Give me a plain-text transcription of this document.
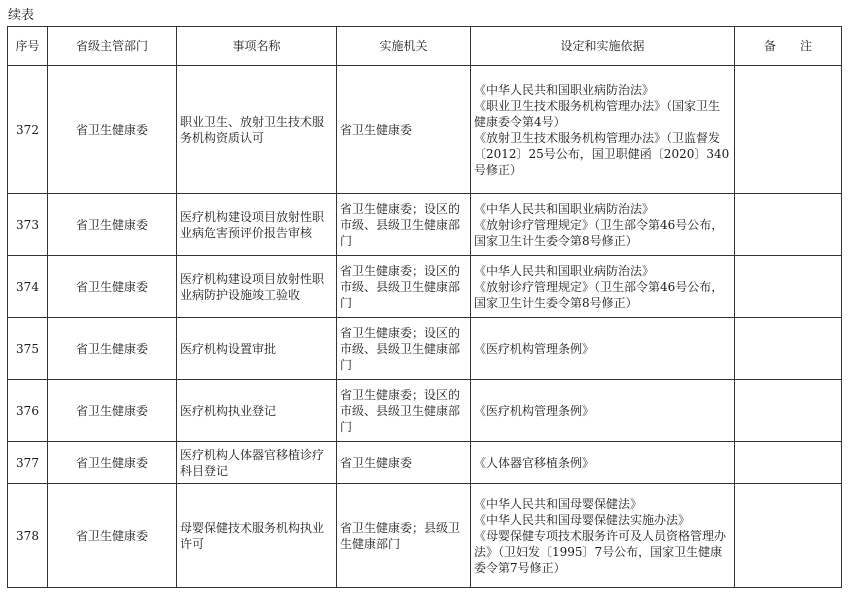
续表
序号	省级主管部门	事项名称	实施机关	设定和实施依据	备　　注
372	省卫生健康委	职业卫生、放射卫生技术服务机构资质认可	省卫生健康委	《中华人民共和国职业病防治法》
《职业卫生技术服务机构管理办法》（国家卫生健康委令第4号）
《放射卫生技术服务机构管理办法》（卫监督发〔2012〕25号公布，国卫职健函〔2020〕340号修正）	

373	省卫生健康委	医疗机构建设项目放射性职业病危害预评价报告审核	省卫生健康委；设区的市级、县级卫生健康部门	《中华人民共和国职业病防治法》
《放射诊疗管理规定》（卫生部令第46号公布，国家卫生计生委令第8号修正）	

374	省卫生健康委	医疗机构建设项目放射性职业病防护设施竣工验收	省卫生健康委；设区的市级、县级卫生健康部门	《中华人民共和国职业病防治法》
《放射诊疗管理规定》（卫生部令第46号公布，国家卫生计生委令第8号修正）	

375	省卫生健康委	医疗机构设置审批	省卫生健康委；设区的市级、县级卫生健康部门	《医疗机构管理条例》	

376	省卫生健康委	医疗机构执业登记	省卫生健康委；设区的市级、县级卫生健康部门	《医疗机构管理条例》	

377	省卫生健康委	医疗机构人体器官移植诊疗科目登记	省卫生健康委	《人体器官移植条例》	

378	省卫生健康委	母婴保健技术服务机构执业许可	省卫生健康委；县级卫生健康部门	《中华人民共和国母婴保健法》
《中华人民共和国母婴保健法实施办法》
《母婴保健专项技术服务许可及人员资格管理办法》（卫妇发〔1995〕7号公布，国家卫生健康委令第7号修正）	
